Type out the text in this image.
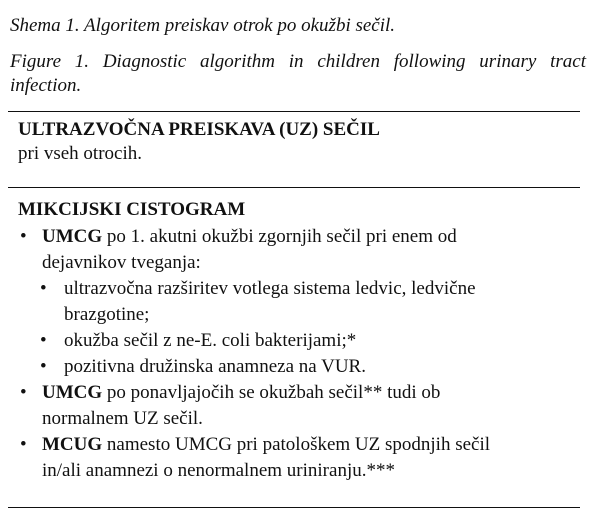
Shema 1. Algoritem preiskav otrok po okužbi sečil.

Figure 1. Diagnostic algorithm in children following urinary tract infection.

ULTRAZVOČNA PREISKAVA (UZ) SEČIL

pri vseh otrocih.

MIKCIJSKI CISTOGRAM

• UMCG po 1. akutni okužbi zgornjih sečil pri enem od

dejavnikov tveganja:

• ultrazvočna razširitev votlega sistema ledvic, ledvične

brazgotine;

• okužba sečil z ne-E. coli bakterijami;*

• pozitivna družinska anamneza na VUR.

• UMCG po ponavljajočih se okužbah sečil** tudi ob

normalnem UZ sečil.

• MCUG namesto UMCG pri patološkem UZ spodnjih sečil

in/ali anamnezi o nenormalnem uriniranju.***
